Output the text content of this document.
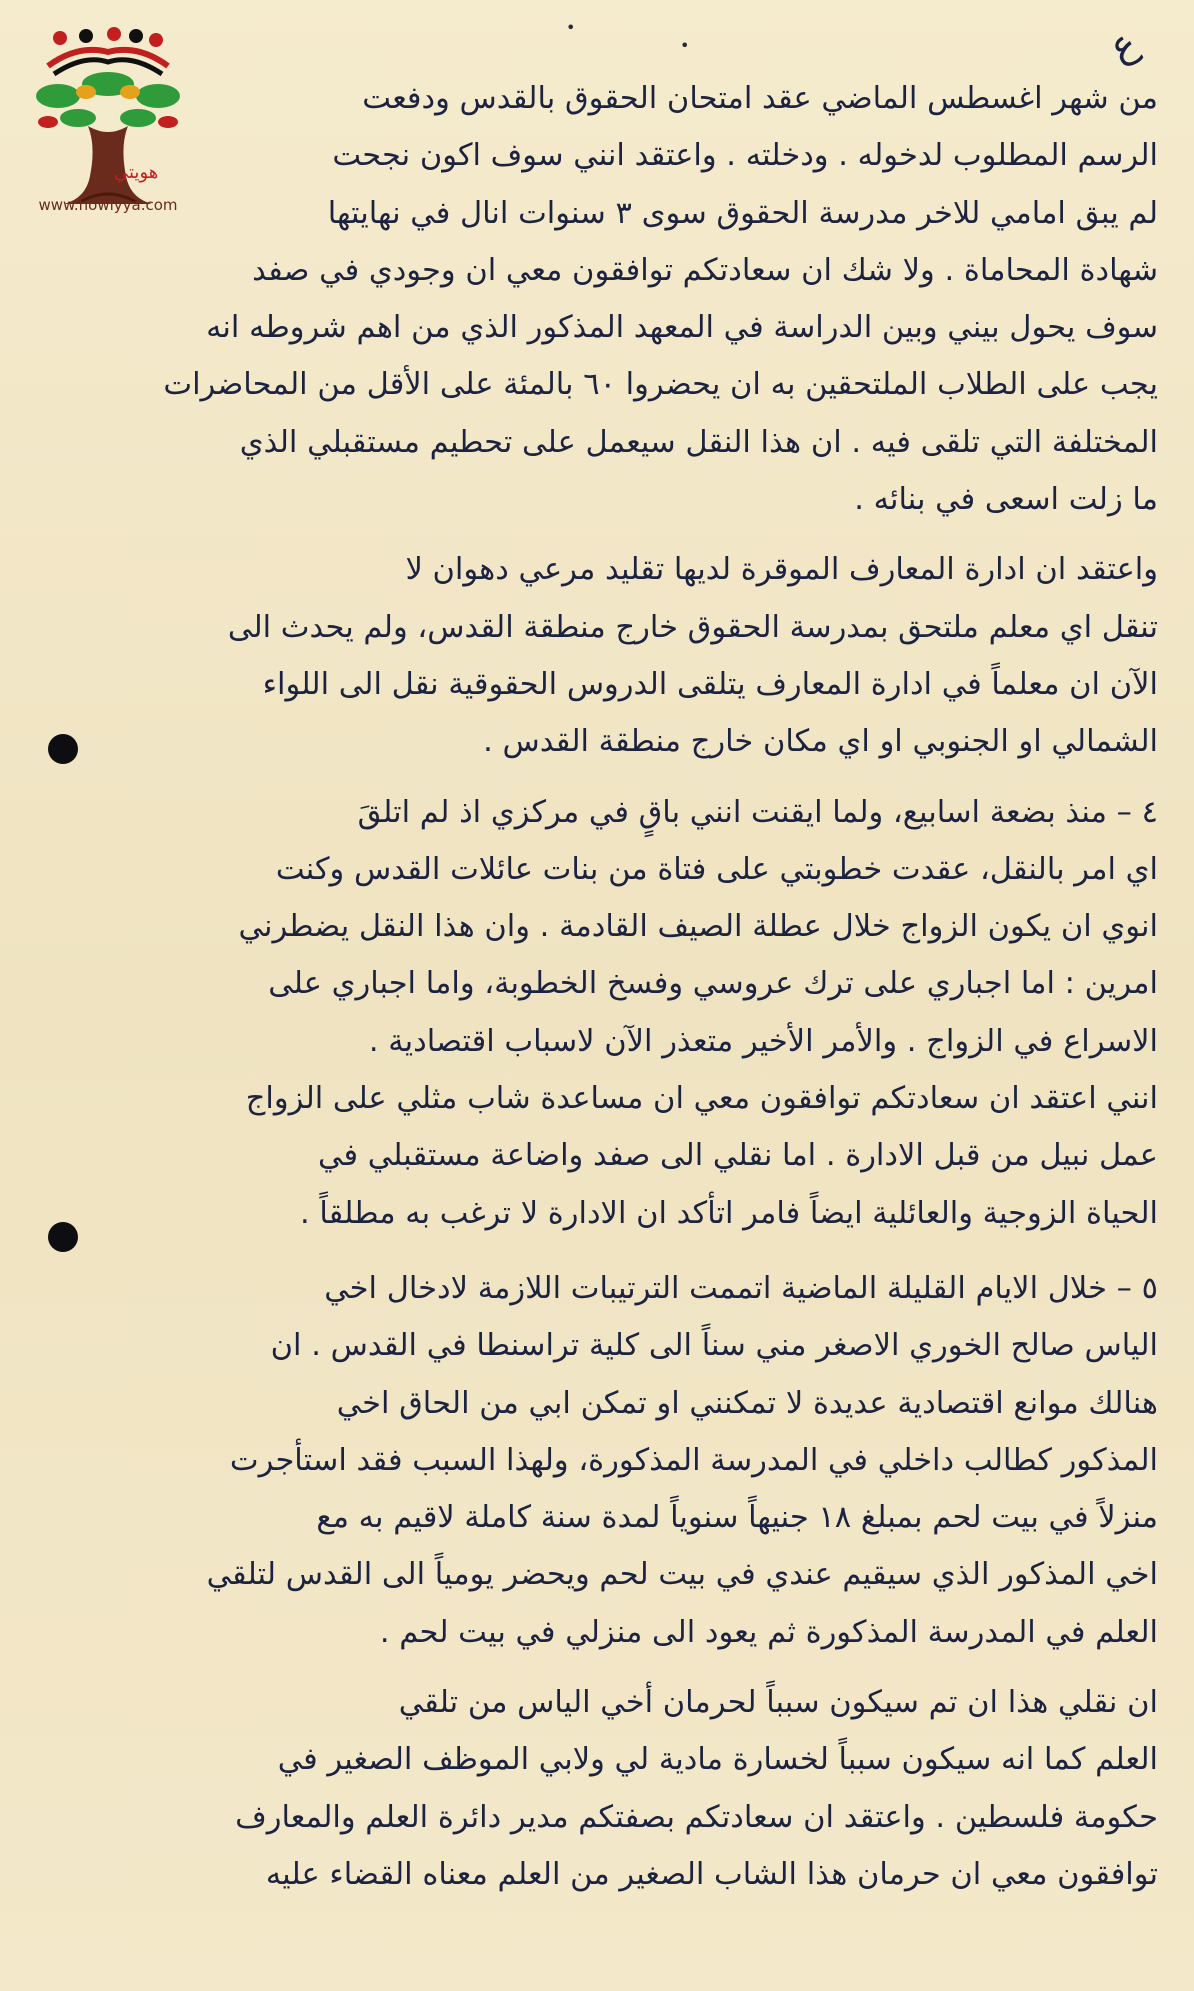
هويتي
www.howiyya.com
ﻉ
•
•
من شهر اغسطس الماضي عقد امتحان الحقوق بالقدس ودفعت
الرسم المطلوب لدخوله . ودخلته . واعتقد انني سوف اكون نجحت
لم يبق امامي للاخر مدرسة الحقوق سوى ٣ سنوات انال في نهايتها
شهادة المحاماة . ولا شك ان سعادتكم توافقون معي ان وجودي في صفد
سوف يحول بيني وبين الدراسة في المعهد المذكور الذي من اهم شروطه انه
يجب على الطلاب الملتحقين به ان يحضروا ٦٠ بالمئة على الأقل من المحاضرات
المختلفة التي تلقى فيه . ان هذا النقل سيعمل على تحطيم مستقبلي الذي
ما زلت اسعى في بنائه .
واعتقد ان ادارة المعارف الموقرة لديها تقليد مرعي دهوان لا
تنقل اي معلم ملتحق بمدرسة الحقوق خارج منطقة القدس، ولم يحدث الى
الآن ان معلماً في ادارة المعارف يتلقى الدروس الحقوقية نقل الى اللواء
الشمالي او الجنوبي او اي مكان خارج منطقة القدس .
٤ – منذ بضعة اسابيع، ولما ايقنت انني باقٍ في مركزي اذ لم اتلقَ
اي امر بالنقل، عقدت خطوبتي على فتاة من بنات عائلات القدس وكنت
انوي ان يكون الزواج خلال عطلة الصيف القادمة . وان هذا النقل يضطرني
امرين : اما اجباري على ترك عروسي وفسخ الخطوبة، واما اجباري على
الاسراع في الزواج . والأمر الأخير متعذر الآن لاسباب اقتصادية .
انني اعتقد ان سعادتكم توافقون معي ان مساعدة شاب مثلي على الزواج
عمل نبيل من قبل الادارة . اما نقلي الى صفد واضاعة مستقبلي في
الحياة الزوجية والعائلية ايضاً فامر اتأكد ان الادارة لا ترغب به مطلقاً .
٥ – خلال الايام القليلة الماضية اتممت الترتيبات اللازمة لادخال اخي
الياس صالح الخوري الاصغر مني سناً الى كلية تراسنطا في القدس . ان
هنالك موانع اقتصادية عديدة لا تمكنني او تمكن ابي من الحاق اخي
المذكور كطالب داخلي في المدرسة المذكورة، ولهذا السبب فقد استأجرت
منزلاً في بيت لحم بمبلغ ١٨ جنيهاً سنوياً لمدة سنة كاملة لاقيم به مع
اخي المذكور الذي سيقيم عندي في بيت لحم ويحضر يومياً الى القدس لتلقي
العلم في المدرسة المذكورة ثم يعود الى منزلي في بيت لحم .
ان نقلي هذا ان تم سيكون سبباً لحرمان أخي الياس من تلقي
العلم كما انه سيكون سبباً لخسارة مادية لي ولابي الموظف الصغير في
حكومة فلسطين . واعتقد ان سعادتكم بصفتكم مدير دائرة العلم والمعارف
توافقون معي ان حرمان هذا الشاب الصغير من العلم معناه القضاء عليه
